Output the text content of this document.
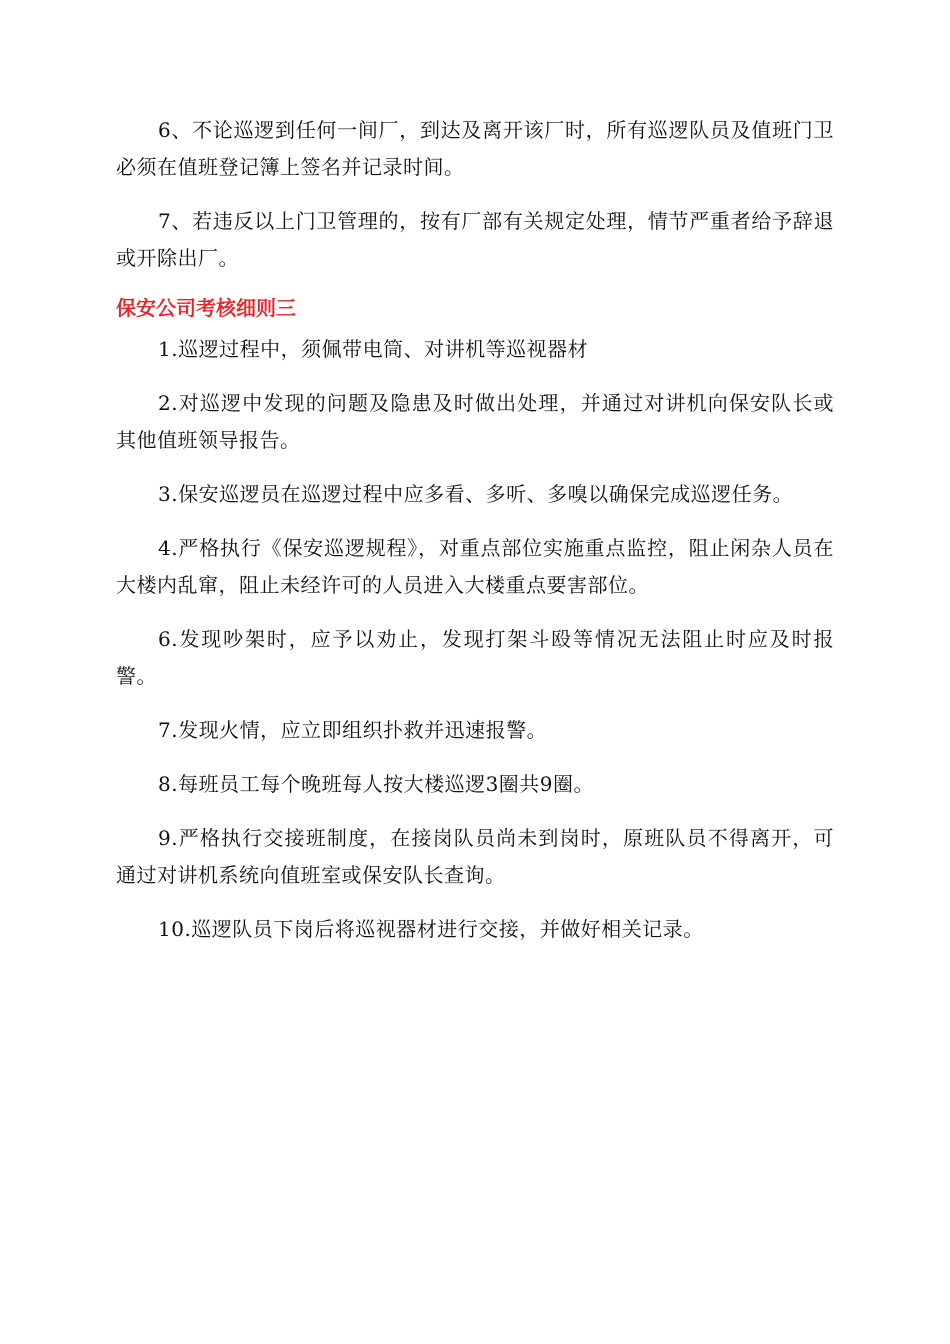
6、不论巡逻到任何一间厂，到达及离开该厂时，所有巡逻队员及值班门卫必须在值班登记簿上签名并记录时间。

7、若违反以上门卫管理的，按有厂部有关规定处理，情节严重者给予辞退或开除出厂。

保安公司考核细则三

1.巡逻过程中，须佩带电筒、对讲机等巡视器材

2.对巡逻中发现的问题及隐患及时做出处理，并通过对讲机向保安队长或其他值班领导报告。

3.保安巡逻员在巡逻过程中应多看、多听、多嗅以确保完成巡逻任务。

4.严格执行《保安巡逻规程》，对重点部位实施重点监控，阻止闲杂人员在大楼内乱窜，阻止未经许可的人员进入大楼重点要害部位。

6.发现吵架时，应予以劝止，发现打架斗殴等情况无法阻止时应及时报警。

7.发现火情，应立即组织扑救并迅速报警。

8.每班员工每个晚班每人按大楼巡逻3圈共9圈。

9.严格执行交接班制度，在接岗队员尚未到岗时，原班队员不得离开，可通过对讲机系统向值班室或保安队长查询。

10.巡逻队员下岗后将巡视器材进行交接，并做好相关记录。
